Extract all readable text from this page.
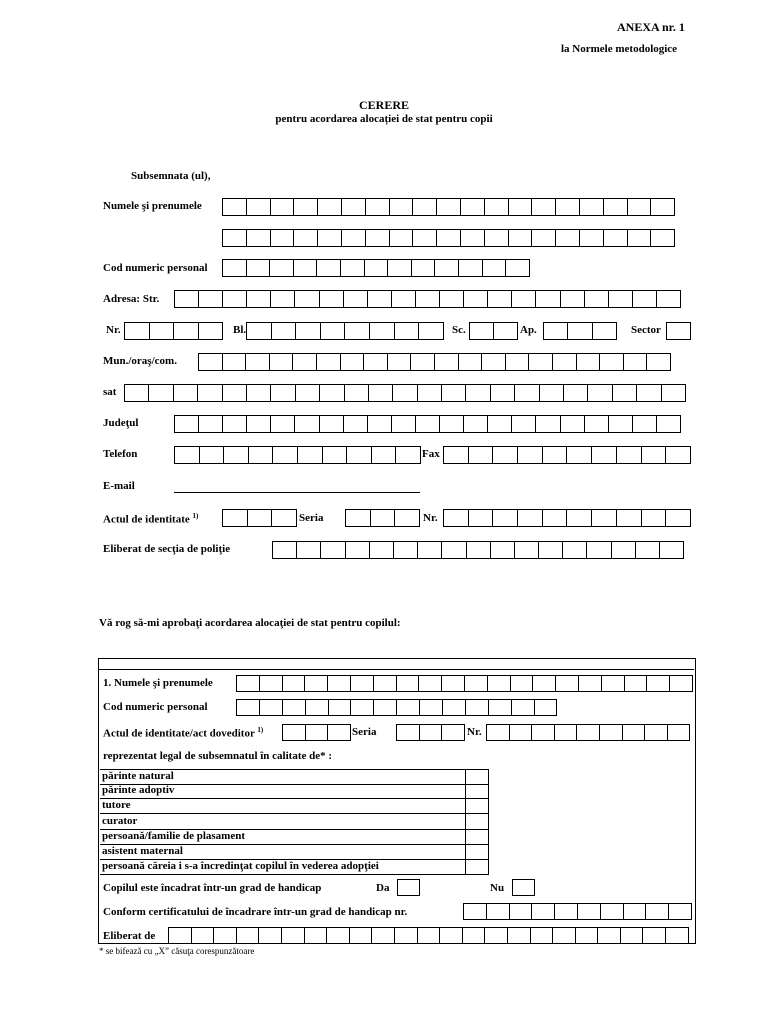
ANEXA nr. 1
la Normele metodologice
CERERE
pentru acordarea alocației de stat pentru copii
Subsemnata (ul),
Numele şi prenumele
Cod numeric personal
Adresa: Str.
Nr.	Bl.	Sc.	Ap.	Sector
Mun./oraş/com.
sat
Judeţul
Telefon	Fax
E-mail
Actul de identitate $^{1)}$	Seria	Nr.
Eliberat de secţia de poliţie
Vă rog să-mi aprobaţi acordarea alocaţiei de stat pentru copilul:
1. Numele şi prenumele
Cod numeric personal
Actul de identitate/act doveditor $^{1)}$	Seria	Nr.
reprezentat legal de subsemnatul în calitate de* :
părinte natural
părinte adoptiv
tutore
curator
persoană/familie de plasament
asistent maternal
persoană căreia i s-a încredinţat copilul în vederea adopţiei
Copilul este încadrat într-un grad de handicap	Da	Nu
Conform certificatului de încadrare într-un grad de handicap nr.
Eliberat de
* se bifează cu „X” căsuţa corespunzătoare
